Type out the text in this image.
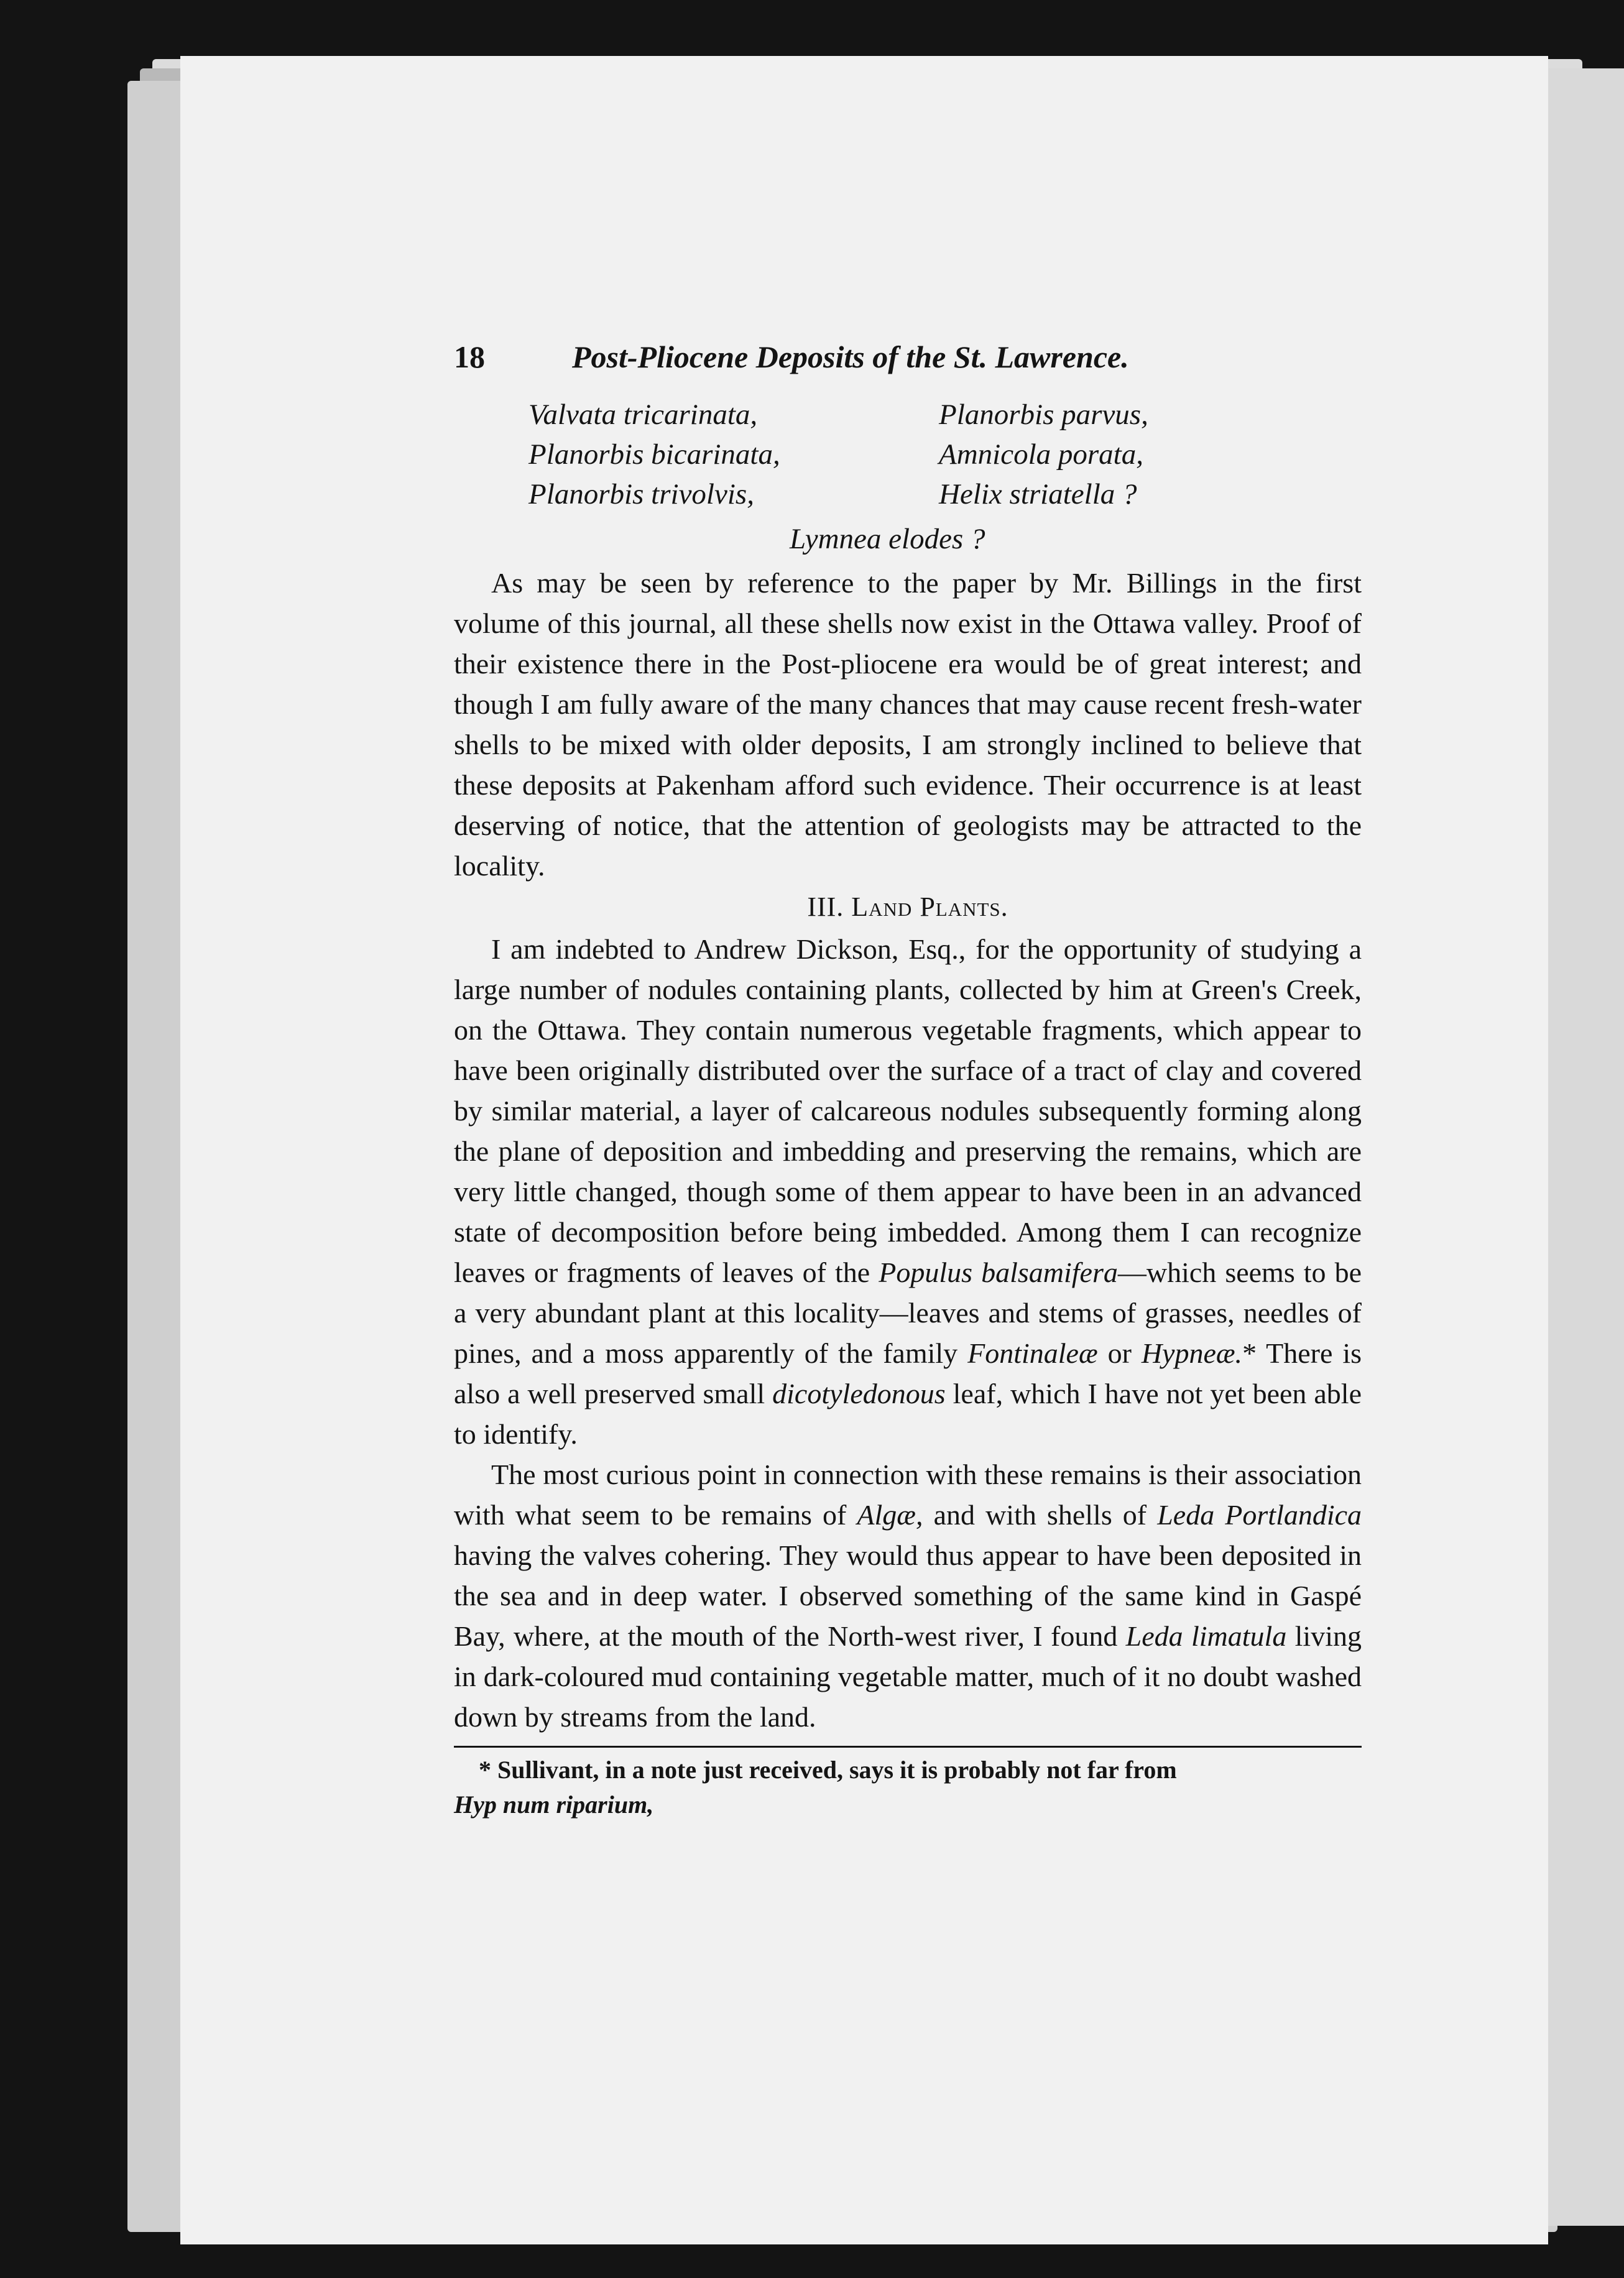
18	Post-Pliocene Deposits of the St. Lawrence.
Valvata tricarinata,
Planorbis bicarinata,
Planorbis trivolvis,
Planorbis parvus,
Amnicola porata,
Helix striatella ?
Lymnea elodes ?

As may be seen by reference to the paper by Mr. Billings in the first volume of this journal, all these shells now exist in the Ottawa valley. Proof of their existence there in the Post-pliocene era would be of great interest; and though I am fully aware of the many chances that may cause recent fresh-water shells to be mixed with older deposits, I am strongly inclined to believe that these deposits at Pakenham afford such evidence. Their occurrence is at least deserving of notice, that the attention of geologists may be attracted to the locality.

III. Land Plants.

I am indebted to Andrew Dickson, Esq., for the opportunity of studying a large number of nodules containing plants, collected by him at Green's Creek, on the Ottawa. They contain numerous vegetable fragments, which appear to have been originally distributed over the surface of a tract of clay and covered by similar material, a layer of calcareous nodules subsequently forming along the plane of deposition and imbedding and preserving the remains, which are very little changed, though some of them appear to have been in an advanced state of decomposition before being imbedded. Among them I can recognize leaves or fragments of leaves of the Populus balsamifera—which seems to be a very abundant plant at this locality—leaves and stems of grasses, needles of pines, and a moss apparently of the family Fontinaleæ or Hypneæ.* There is also a well preserved small dicotyledonous leaf, which I have not yet been able to identify.

The most curious point in connection with these remains is their association with what seem to be remains of Algæ, and with shells of Leda Portlandica having the valves cohering. They would thus appear to have been deposited in the sea and in deep water. I observed something of the same kind in Gaspé Bay, where, at the mouth of the North-west river, I found Leda limatula living in dark-coloured mud containing vegetable matter, much of it no doubt washed down by streams from the land.

* Sullivant, in a note just received, says it is probably not far from
Hyp num riparium,
